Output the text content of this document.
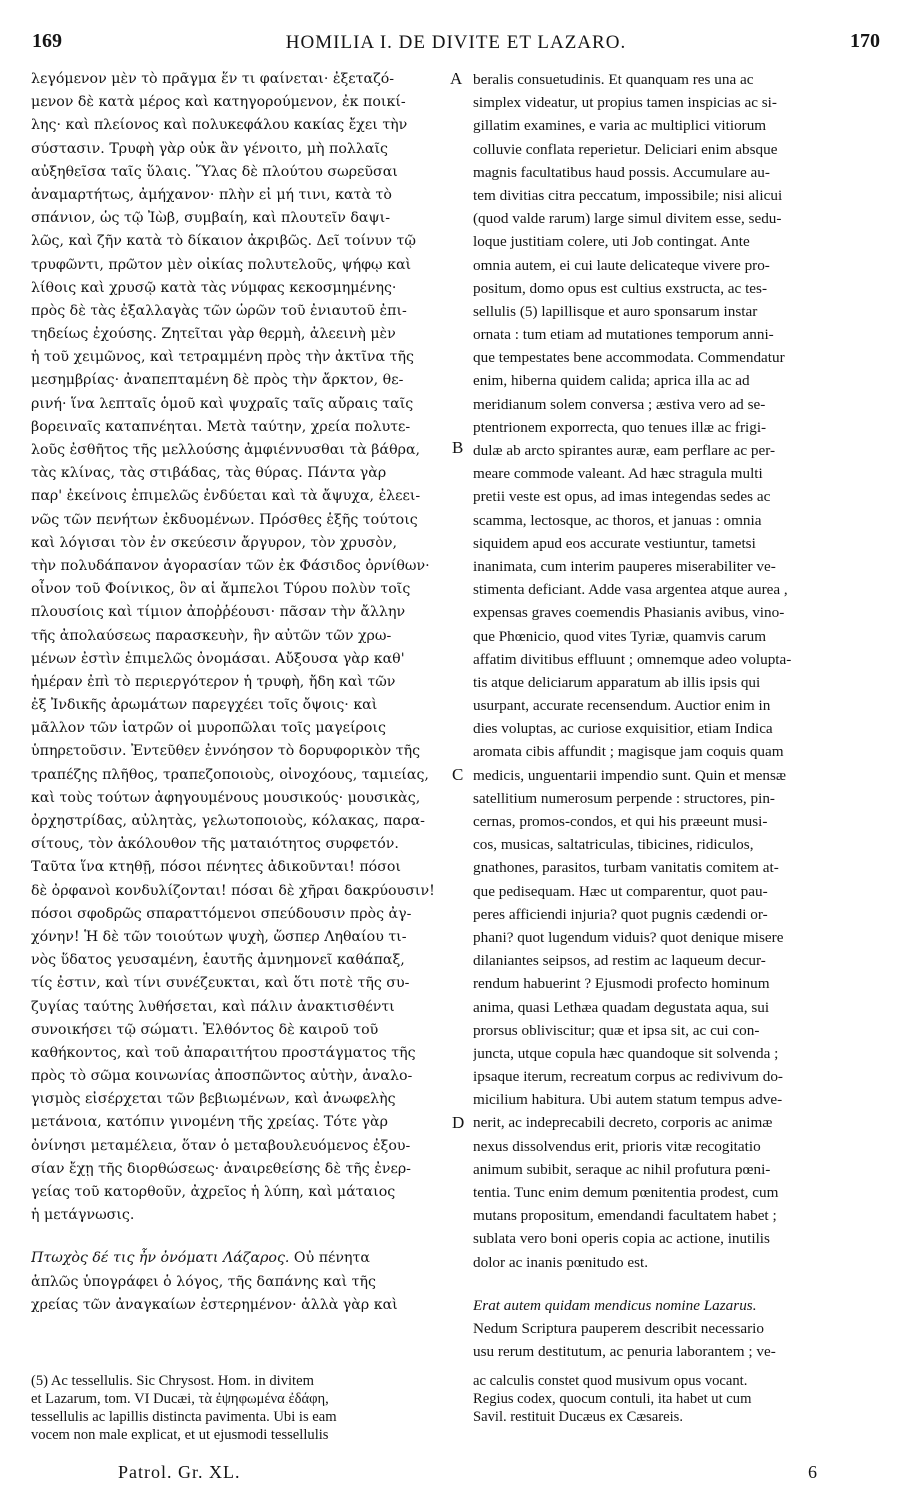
169	HOMILIA I. DE DIVITE ET LAZARO.	170
λεγόμενον μὲν τὸ πρᾶγμα ἕν τι φαίνεται· ἐξεταζό-
μενον δὲ κατὰ μέρος καὶ κατηγορούμενον, ἐκ ποικί-
λης· καὶ πλείονος καὶ πολυκεφάλου κακίας ἔχει τὴν
σύστασιν. Τρυφὴ γὰρ οὐκ ἂν γένοιτο, μὴ πολλαῖς
αὐξηθεῖσα ταῖς ὕλαις. Ὕλας δὲ πλούτου σωρεῦσαι
ἀναμαρτήτως, ἀμήχανον· πλὴν εἰ μή τινι, κατὰ τὸ
σπάνιον, ὡς τῷ Ἰὼβ, συμβαίη, καὶ πλουτεῖν δαψι-
λῶς, καὶ ζῆν κατὰ τὸ δίκαιον ἀκριβῶς. Δεῖ τοίνυν τῷ
τρυφῶντι, πρῶτον μὲν οἰκίας πολυτελοῦς, ψήφῳ καὶ
λίθοις καὶ χρυσῷ κατὰ τὰς νύμφας κεκοσμημένης·
πρὸς δὲ τὰς ἐξαλλαγὰς τῶν ὡρῶν τοῦ ἐνιαυτοῦ ἐπι-
τηδείως ἐχούσης. Ζητεῖται γὰρ θερμὴ, ἀλεεινὴ μὲν
ἡ τοῦ χειμῶνος, καὶ τετραμμένη πρὸς τὴν ἀκτῖνα τῆς
μεσημβρίας· ἀναπεπταμένη δὲ πρὸς τὴν ἄρκτον, θε-
ρινή· ἵνα λεπταῖς ὁμοῦ καὶ ψυχραῖς ταῖς αὔραις ταῖς
βορειναῖς καταπνέηται. Μετὰ ταύτην, χρεία πολυτε-
λοῦς ἐσθῆτος τῆς μελλούσης ἀμφιέννυσθαι τὰ βάθρα,
τὰς κλίνας, τὰς στιβάδας, τὰς θύρας. Πάντα γὰρ
παρ' ἐκείνοις ἐπιμελῶς ἐνδύεται καὶ τὰ ἄψυχα, ἐλεει-
νῶς τῶν πενήτων ἐκδυομένων. Πρόσθες ἑξῆς τούτοις
καὶ λόγισαι τὸν ἐν σκεύεσιν ἄργυρον, τὸν χρυσὸν,
τὴν πολυδάπανον ἀγορασίαν τῶν ἐκ Φάσιδος ὀρνίθων·
οἶνον τοῦ Φοίνικος, ὃν αἱ ἄμπελοι Τύρου πολὺν τοῖς
πλουσίοις καὶ τίμιον ἀποῤῥέουσι· πᾶσαν τὴν ἄλλην
τῆς ἀπολαύσεως παρασκευὴν, ἣν αὐτῶν τῶν χρω-
μένων ἐστὶν ἐπιμελῶς ὀνομάσαι. Αὔξουσα γὰρ καθ'
ἡμέραν ἐπὶ τὸ περιεργότερον ἡ τρυφὴ, ἤδη καὶ τῶν
ἐξ Ἰνδικῆς ἀρωμάτων παρεγχέει τοῖς ὄψοις· καὶ
μᾶλλον τῶν ἰατρῶν οἱ μυροπῶλαι τοῖς μαγείροις
ὑπηρετοῦσιν. Ἐντεῦθεν ἐννόησον τὸ δορυφορικὸν τῆς
τραπέζης πλῆθος, τραπεζοποιοὺς, οἰνοχόους, ταμιείας,
καὶ τοὺς τούτων ἀφηγουμένους μουσικούς· μουσικὰς,
ὀρχηστρίδας, αὐλητὰς, γελωτοποιοὺς, κόλακας, παρα-
σίτους, τὸν ἀκόλουθον τῆς ματαιότητος συρφετόν.
Ταῦτα ἵνα κτηθῇ, πόσοι πένητες ἀδικοῦνται! πόσοι
δὲ ὀρφανοὶ κονδυλίζονται! πόσαι δὲ χῆραι δακρύουσιν!
πόσοι σφοδρῶς σπαραττόμενοι σπεύδουσιν πρὸς ἀγ-
χόνην! Ἡ δὲ τῶν τοιούτων ψυχὴ, ὥσπερ Ληθαίου τι-
νὸς ὕδατος γευσαμένη, ἑαυτῆς ἀμνημονεῖ καθάπαξ,
τίς ἐστιν, καὶ τίνι συνέζευκται, καὶ ὅτι ποτὲ τῆς συ-
ζυγίας ταύτης λυθήσεται, καὶ πάλιν ἀνακτισθέντι
συνοικήσει τῷ σώματι. Ἐλθόντος δὲ καιροῦ τοῦ
καθήκοντος, καὶ τοῦ ἀπαραιτήτου προστάγματος τῆς
πρὸς τὸ σῶμα κοινωνίας ἀποσπῶντος αὐτὴν, ἀναλο-
γισμὸς εἰσέρχεται τῶν βεβιωμένων, καὶ ἀνωφελὴς
μετάνοια, κατόπιν γινομένη τῆς χρείας. Τότε γὰρ
ὀνίνησι μεταμέλεια, ὅταν ὁ μεταβουλευόμενος ἐξου-
σίαν ἔχῃ τῆς διορθώσεως· ἀναιρεθείσης δὲ τῆς ἐνερ-
γείας τοῦ κατορθοῦν, ἀχρεῖος ἡ λύπη, καὶ μάταιος
ἡ μετάγνωσις.
Πτωχὸς δέ τις ἦν ὀνόματι Λάζαρος. Οὐ πένητα
ἁπλῶς ὑπογράφει ὁ λόγος, τῆς δαπάνης καὶ τῆς
χρείας τῶν ἀναγκαίων ἐστερημένον· ἀλλὰ γὰρ καὶ
beralis consuetudinis. Et quanquam res una ac
simplex videatur, ut propius tamen inspicias ac si-
gillatim examines, e varia ac multiplici vitiorum
colluvie conflata reperietur. Deliciari enim absque
magnis facultatibus haud possis. Accumulare au-
tem divitias citra peccatum, impossibile; nisi alicui
(quod valde rarum) large simul divitem esse, sedu-
loque justitiam colere, uti Job contingat. Ante
omnia autem, ei cui laute delicateque vivere pro-
positum, domo opus est cultius exstructa, ac tes-
sellulis (5) lapillisque et auro sponsarum instar
ornata : tum etiam ad mutationes temporum anni-
que tempestates bene accommodata. Commendatur
enim, hiberna quidem calida; aprica illa ac ad
meridianum solem conversa ; æstiva vero ad se-
ptentrionem exporrecta, quo tenues illæ ac frigi-
dulæ ab arcto spirantes auræ, eam perflare ac per-
meare commode valeant. Ad hæc stragula multi
pretii veste est opus, ad imas integendas sedes ac
scamma, lectosque, ac thoros, et januas : omnia
siquidem apud eos accurate vestiuntur, tametsi
inanimata, cum interim pauperes miserabiliter ve-
stimenta deficiant. Adde vasa argentea atque aurea ,
expensas graves coemendis Phasianis avibus, vino-
que Phœnicio, quod vites Tyriæ, quamvis carum
affatim divitibus effluunt ; omnemque adeo volupta-
tis atque deliciarum apparatum ab illis ipsis qui
usurpant, accurate recensendum. Auctior enim in
dies voluptas, ac curiose exquisitior, etiam Indica
aromata cibis affundit ; magisque jam coquis quam
medicis, unguentarii impendio sunt. Quin et mensæ
satellitium numerosum perpende : structores, pin-
cernas, promos-condos, et qui his præeunt musi-
cos, musicas, saltatriculas, tibicines, ridiculos,
gnathones, parasitos, turbam vanitatis comitem at-
que pedisequam. Hæc ut comparentur, quot pau-
peres afficiendi injuria? quot pugnis cædendi or-
phani? quot lugendum viduis? quot denique misere
dilaniantes seipsos, ad restim ac laqueum decur-
rendum habuerint ? Ejusmodi profecto hominum
anima, quasi Lethæa quadam degustata aqua, sui
prorsus obliviscitur; quæ et ipsa sit, ac cui con-
juncta, utque copula hæc quandoque sit solvenda ;
ipsaque iterum, recreatum corpus ac redivivum do-
micilium habitura. Ubi autem statum tempus adve-
nerit, ac indeprecabili decreto, corporis ac animæ
nexus dissolvendus erit, prioris vitæ recogitatio
animum subibit, seraque ac nihil profutura pœni-
tentia. Tunc enim demum pœnitentia prodest, cum
mutans propositum, emendandi facultatem habet ;
sublata vero boni operis copia ac actione, inutilis
dolor ac inanis pœnitudo est.
Erat autem quidam mendicus nomine Lazarus.
Nedum Scriptura pauperem describit necessario
usu rerum destitutum, ac penuria laborantem ; ve-
A
B
C
D
(5) Ac tessellulis. Sic Chrysost. Hom. in divitem
et Lazarum, tom. VI Ducæi, τὰ ἐψηφωμένα ἐδάφη,
tessellulis ac lapillis distincta pavimenta. Ubi is eam
vocem non male explicat, et ut ejusmodi tessellulis
ac calculis constet quod musivum opus vocant.
Regius codex, quocum contuli, ita habet ut cum
Savil. restituit Ducæus ex Cæsareis.
Patrol. Gr. XL.	6
